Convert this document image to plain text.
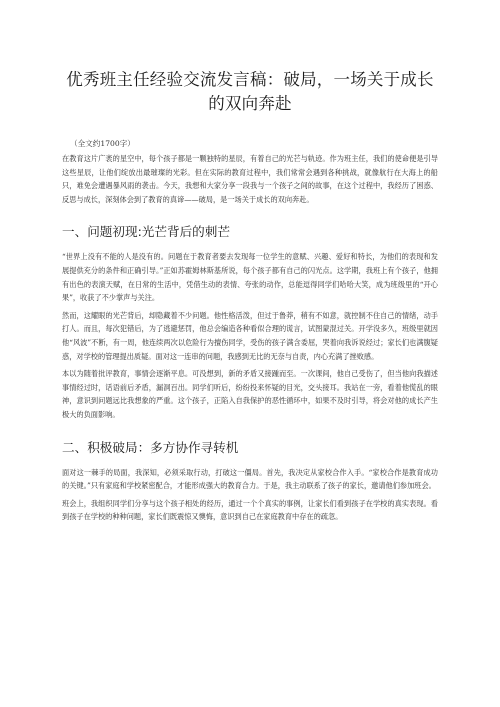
优秀班主任经验交流发言稿：破局，一场关于成长的双向奔赴
（全文约1700字）

在教育这片广袤的星空中，每个孩子都是一颗独特的星辰，有着自己的光芒与轨迹。作为班主任，我们的使命便是引导这些星辰，让他们绽放出最璀璨的光彩。但在实际的教育过程中，我们常常会遇到各种挑战，就像航行在大海上的船只，难免会遭遇暴风雨的袭击。今天，我想和大家分享一段我与一个孩子之间的故事，在这个过程中，我经历了困惑、反思与成长，深刻体会到了教育的真谛——破局，是一场关于成长的双向奔赴。

一、问题初现:光芒背后的刺芒

“世界上没有不能的人是没有的。问题在于教育者要去发现每一位学生的意赋、兴趣、爱好和特长，为他们的表现和发展提供充分的条件和正确引导。”正如苏霍姆林斯基所说，每个孩子都有自己的闪光点。这学期，我班上有个孩子，他拥有出色的表演天赋，在日常的生活中，凭借生动的表情、夸张的动作，总能逗得同学们哈哈大笑，成为班级里的“开心果”，收获了不少掌声与关注。

然而，这耀眼的光芒背后，却隐藏着不少问题。他性格活泼，但过于鲁莽，稍有不如意，就控制不住自己的情绪，动手打人。而且，每次犯错后，为了逃避惩罚，他总会编造各种看似合理的谎言，试图蒙混过关。开学没多久，班级里就因他“风波”不断，有一周，他连续两次以危险行为擅伤同学，受伤的孩子满含委屈，哭着向我诉说经过；家长们也满腹疑惑，对学校的管理提出质疑。面对这一连串的问题，我感到无比的无奈与自责，内心充满了挫败感。

本以为随着批评教育，事情会逐渐平息。可没想到，新的矛盾又接踵而至。一次课间，他自己受伤了，但当他向我描述事情经过时，话语前后矛盾，漏洞百出。同学们听后，纷纷投来怀疑的目光，交头接耳。我站在一旁，看着他慌乱的眼神，意识到问题远比我想象的严重。这个孩子，正陷入自我保护的恶性循环中，如果不及时引导，将会对他的成长产生极大的负面影响。

二、积极破局：多方协作寻转机

面对这一棘手的局面，我深知，必须采取行动，打破这一僵局。首先，我决定从家校合作入手。“家校合作是教育成功的关键。”只有家庭和学校紧密配合，才能形成强大的教育合力。于是，我主动联系了孩子的家长，邀请他们参加班会。

班会上，我组织同学们分享与这个孩子相处的经历，通过一个个真实的事例，让家长们看到孩子在学校的真实表现。看到孩子在学校的种种问题，家长们既震惊又懊悔，意识到自己在家庭教育中存在的疏忽。
